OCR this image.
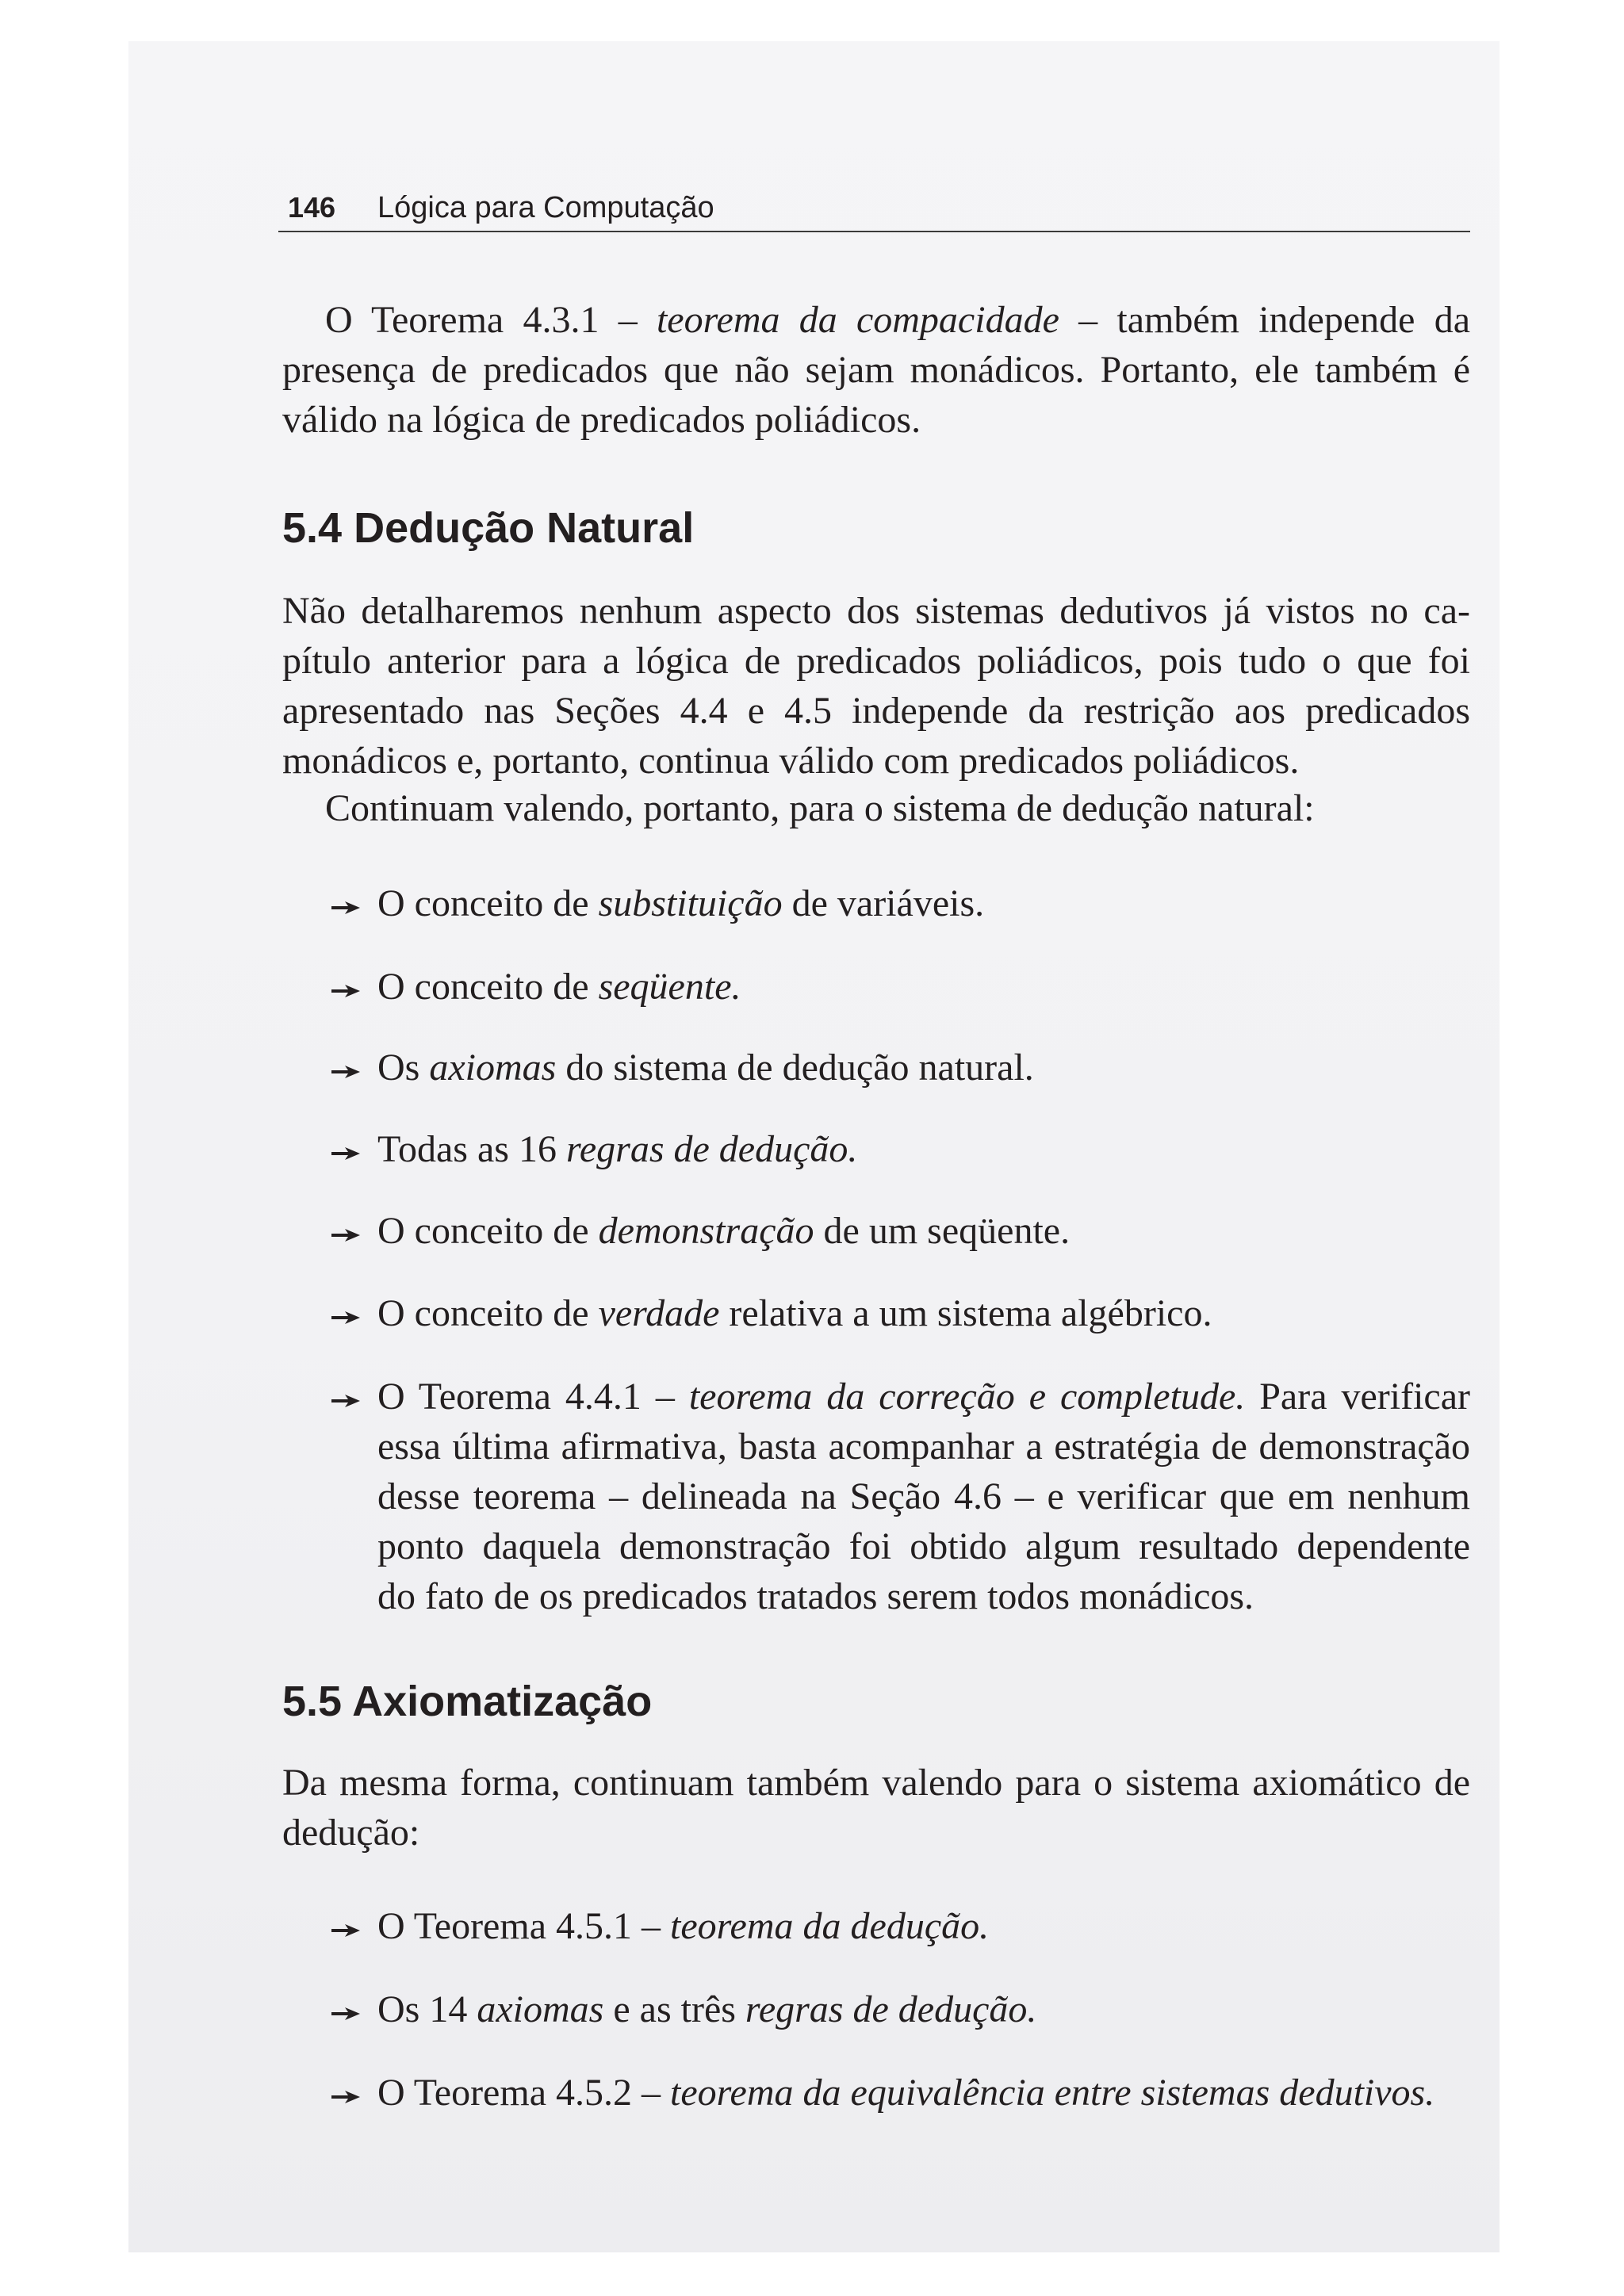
146 Lógica para Computação
O Teorema 4.3.1 – teorema da compacidade – também independe da
presença de predicados que não sejam monádicos. Portanto, ele também é
válido na lógica de predicados poliádicos.
5.4 Dedução Natural
Não detalharemos nenhum aspecto dos sistemas dedutivos já vistos no ca-
pítulo anterior para a lógica de predicados poliádicos, pois tudo o que foi
apresentado nas Seções 4.4 e 4.5 independe da restrição aos predicados
monádicos e, portanto, continua válido com predicados poliádicos.
Continuam valendo, portanto, para o sistema de dedução natural:
O conceito de substituição de variáveis.
O conceito de seqüente.
Os axiomas do sistema de dedução natural.
Todas as 16 regras de dedução.
O conceito de demonstração de um seqüente.
O conceito de verdade relativa a um sistema algébrico.
O Teorema 4.4.1 – teorema da correção e completude. Para verificar
essa última afirmativa, basta acompanhar a estratégia de demonstração
desse teorema – delineada na Seção 4.6 – e verificar que em nenhum
ponto daquela demonstração foi obtido algum resultado dependente
do fato de os predicados tratados serem todos monádicos.
5.5 Axiomatização
Da mesma forma, continuam também valendo para o sistema axiomático de
dedução:
O Teorema 4.5.1 – teorema da dedução.
Os 14 axiomas e as três regras de dedução.
O Teorema 4.5.2 – teorema da equivalência entre sistemas dedutivos.
